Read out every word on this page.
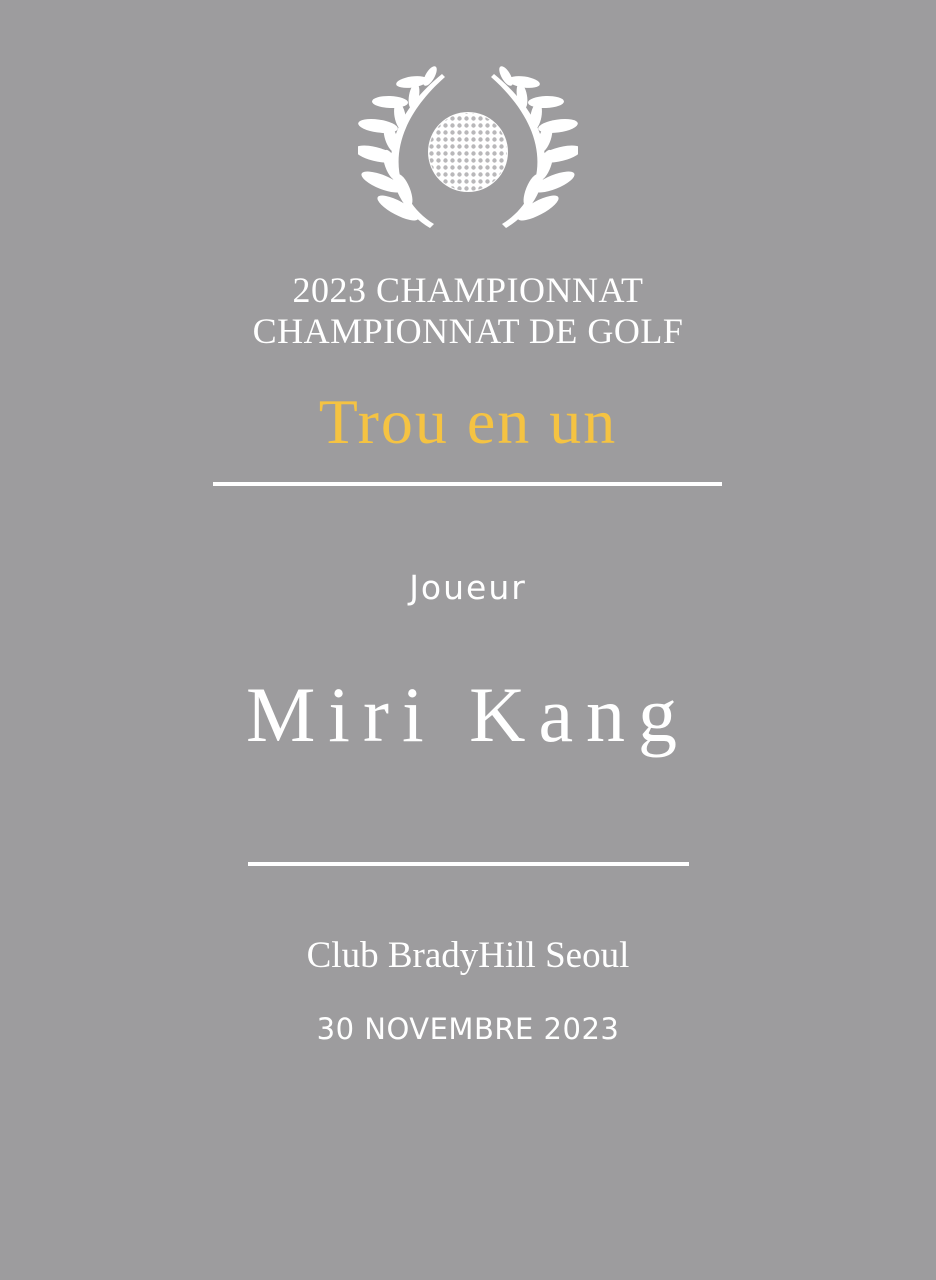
2023 CHAMPIONNAT
CHAMPIONNAT DE GOLF
Trou en un
Joueur
Miri Kang
Club BradyHill Seoul
30 NOVEMBRE 2023
